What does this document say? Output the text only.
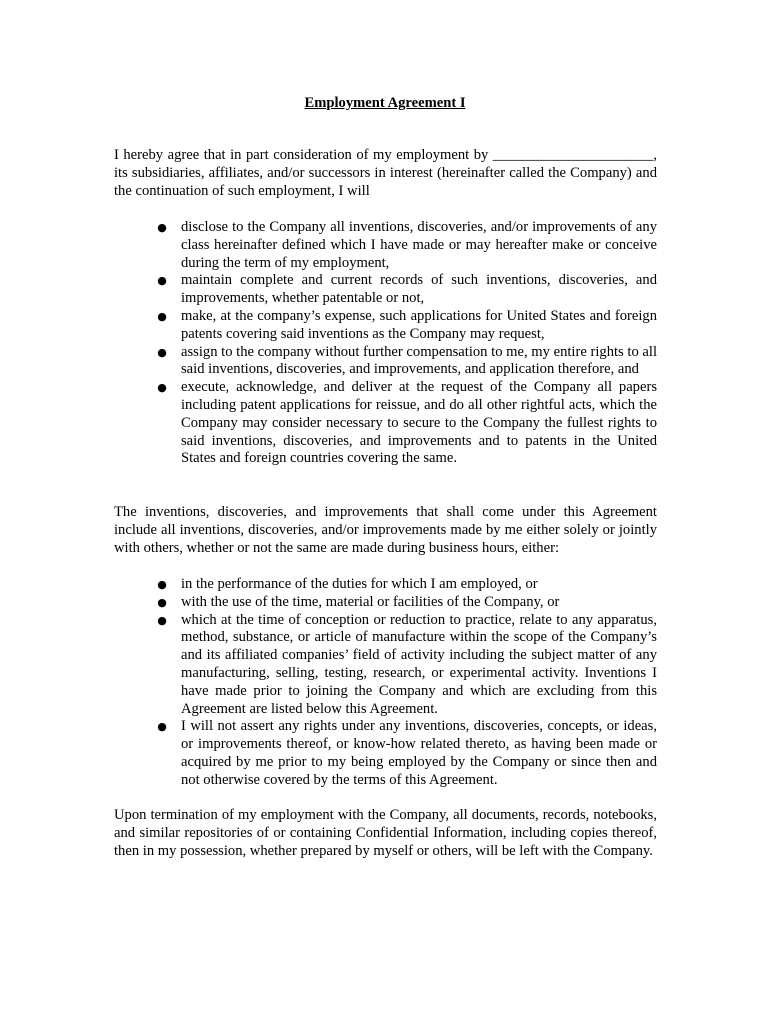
Employment Agreement I

I hereby agree that in part consideration of my employment by ______________________, its subsidiaries, affiliates, and/or successors in interest (hereinafter called the Company) and the continuation of such employment, I will

● disclose to the Company all inventions, discoveries, and/or improvements of any class hereinafter defined which I have made or may hereafter make or conceive during the term of my employment,
● maintain complete and current records of such inventions, discoveries, and improvements, whether patentable or not,
● make, at the company’s expense, such applications for United States and foreign patents covering said inventions as the Company may request,
● assign to the company without further compensation to me, my entire rights to all said inventions, discoveries, and improvements, and application therefore, and
● execute, acknowledge, and deliver at the request of the Company all papers including patent applications for reissue, and do all other rightful acts, which the Company may consider necessary to secure to the Company the fullest rights to said inventions, discoveries, and improvements and to patents in the United States and foreign countries covering the same.

The inventions, discoveries, and improvements that shall come under this Agreement include all inventions, discoveries, and/or improvements made by me either solely or jointly with others, whether or not the same are made during business hours, either:

● in the performance of the duties for which I am employed, or
● with the use of the time, material or facilities of the Company, or
● which at the time of conception or reduction to practice, relate to any apparatus, method, substance, or article of manufacture within the scope of the Company’s and its affiliated companies’ field of activity including the subject matter of any manufacturing, selling, testing, research, or experimental activity. Inventions I have made prior to joining the Company and which are excluding from this Agreement are listed below this Agreement.
● I will not assert any rights under any inventions, discoveries, concepts, or ideas, or improvements thereof, or know-how related thereto, as having been made or acquired by me prior to my being employed by the Company or since then and not otherwise covered by the terms of this Agreement.

Upon termination of my employment with the Company, all documents, records, notebooks, and similar repositories of or containing Confidential Information, including copies thereof, then in my possession, whether prepared by myself or others, will be left with the Company.
